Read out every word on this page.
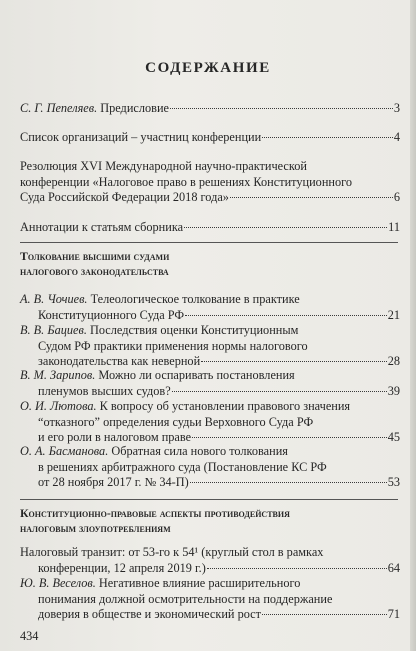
СОДЕРЖАНИЕ
С. Г. Пепеляев. Предисловие	3
Список организаций – участниц конференции	4
Резолюция XVI Международной научно-практической
конференции «Налоговое право в решениях Конституционного
Суда Российской Федерации 2018 года»	6
Аннотации к статьям сборника	11
Толкование высшими судами
налогового законодательства
А. В. Чочиев. Телеологическое толкование в практике
Конституционного Суда РФ	21
В. В. Бациев. Последствия оценки Конституционным
Судом РФ практики применения нормы налогового
законодательства как неверной	28
В. М. Зарипов. Можно ли оспаривать постановления
пленумов высших судов?	39
О. И. Лютова. К вопросу об установлении правового значения
“отказного” определения судьи Верховного Суда РФ
и его роли в налоговом праве	45
О. А. Басманова. Обратная сила нового толкования
в решениях арбитражного суда (Постановление КС РФ
от 28 ноября 2017 г. № 34-П)	53
Конституционно-правовые аспекты противодействия
налоговым злоупотреблениям
Налоговый транзит: от 53-го к 54¹ (круглый стол в рамках
конференции, 12 апреля 2019 г.)	64
Ю. В. Веселов. Негативное влияние расширительного
понимания должной осмотрительности на поддержание
доверия в обществе и экономический рост	71
434
